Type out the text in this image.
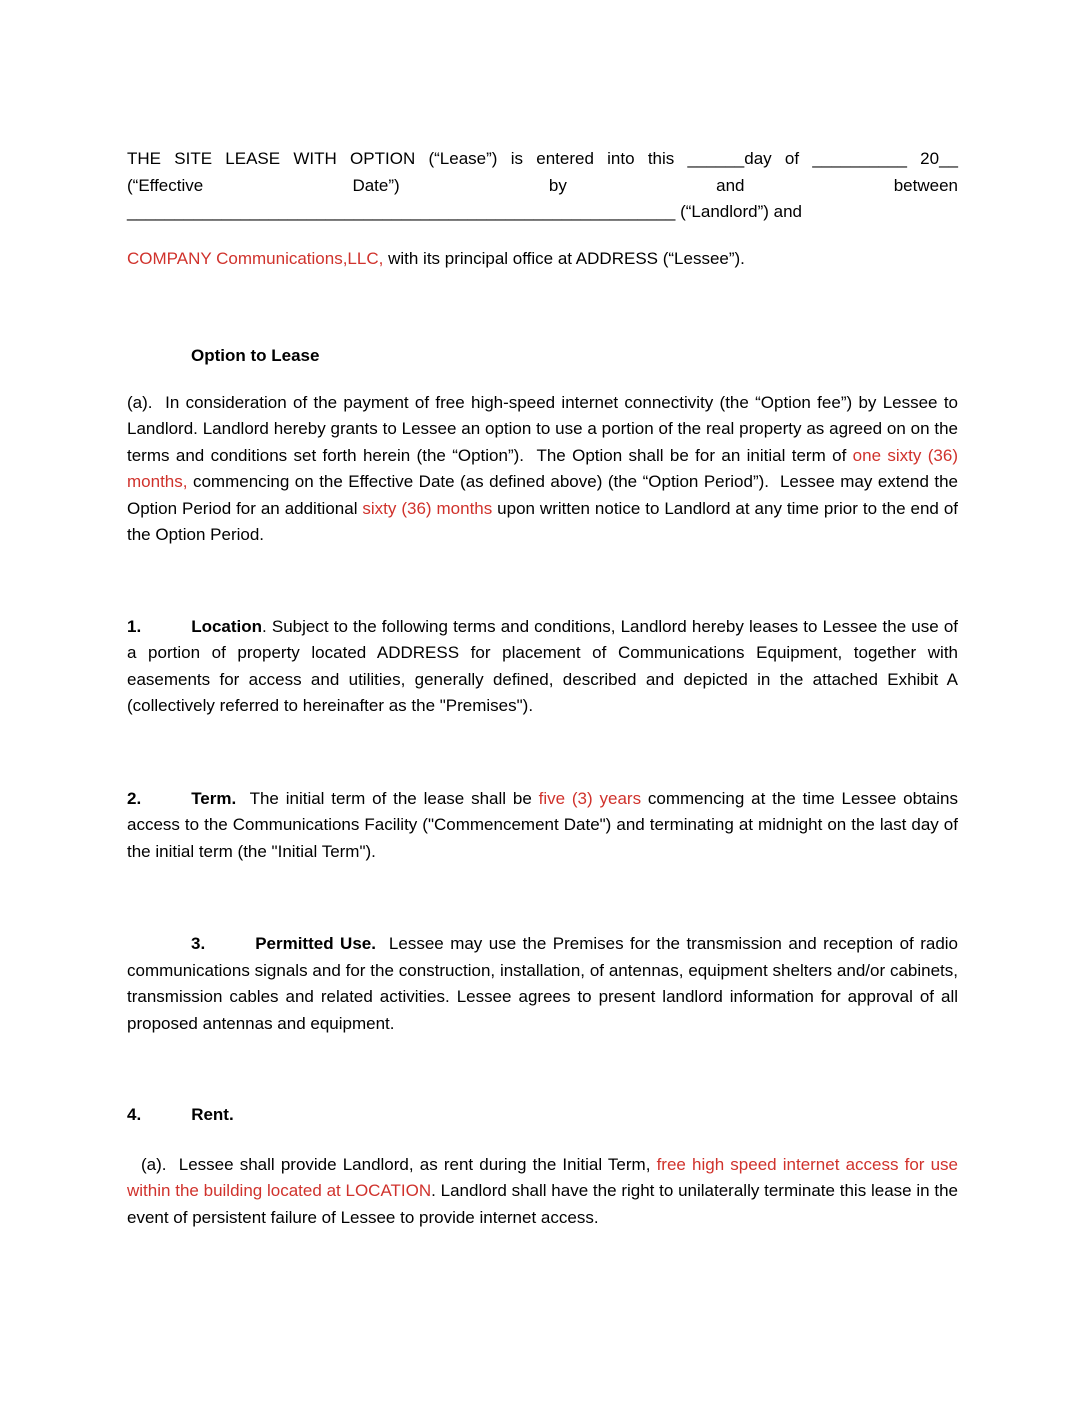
THE SITE LEASE WITH OPTION (“Lease”) is entered into this ______day of __________ 20__
(“Effective Date”) by and between
__________________________________________________________ (“Landlord”) and
COMPANY Communications,LLC, with its principal office at ADDRESS (“Lessee”).
Option to Lease
(a).  In consideration of the payment of free high-speed internet connectivity (the “Option fee”) by Lessee to Landlord. Landlord hereby grants to Lessee an option to use a portion of the real property as agreed on on the terms and conditions set forth herein (the “Option”).  The Option shall be for an initial term of one sixty (36) months, commencing on the Effective Date (as defined above) (the “Option Period”).  Lessee may extend the Option Period for an additional sixty (36) months upon written notice to Landlord at any time prior to the end of the Option Period.
1.	Location. Subject to the following terms and conditions, Landlord hereby leases to Lessee the use of a portion of property located ADDRESS for placement of Communications Equipment, together with easements for access and utilities, generally defined, described and depicted in the attached Exhibit A (collectively referred to hereinafter as the "Premises").
2.	Term.  The initial term of the lease shall be five (3) years commencing at the time Lessee obtains access to the Communications Facility ("Commencement Date") and terminating at midnight on the last day of the initial term (the "Initial Term").
3.	Permitted Use.  Lessee may use the Premises for the transmission and reception of radio communications signals and for the construction, installation, of antennas, equipment shelters and/or cabinets, transmission cables and related activities. Lessee agrees to present landlord information for approval of all proposed antennas and equipment.
4.	Rent.
(a).  Lessee shall provide Landlord, as rent during the Initial Term, free high speed internet access for use within the building located at LOCATION. Landlord shall have the right to unilaterally terminate this lease in the event of persistent failure of Lessee to provide internet access.
